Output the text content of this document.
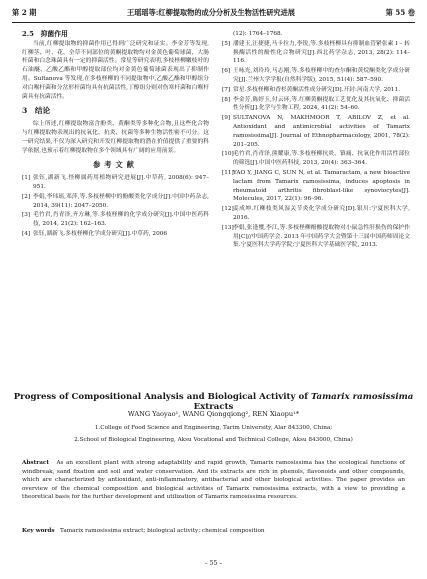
第 2 期	王瑶瑶等:红柳提取物的成分分析及生物活性研究进展	第 55 卷
2.5　抑菌作用

当前,红柳提取物的抑菌作用已得到广泛研究和证实。李金芳等发现,红柳茎、叶、花、全草不同部位的黄酮提取物均对金黄色葡萄球菌、大肠杆菌和白念珠菌具有一定的抑菌活性。常星等研究表明,多枝柽柳嫩枝叶的石油醚、乙酸乙酯和甲醇提取部位均对金黄色葡萄球菌表现出了抑制作用。Sultanova 等发现,在多枝柽柳的不同提取物中,乙酸乙酯和甲醇组分对白喉杆菌和分岔形杆菌均具有抗菌活性,丁醇组分则对伤寒杆菌和白喉杆菌具有抗菌活性。

3　结论

综上所述,红柳提取物富含酚类、黄酮类等多种化合物,且这些化合物与红柳提取物表现出的抗氧化、抗炎、抗菌等多种生物活性密不可分。这一研究结果,不仅为深入研究和开发红柳提取物的潜在价值提供了重要的科学依据,也预示着红柳提取物在多个领域具有广阔的应用前景。

参考文献
[1] 张钰,湖新飞.怪柳属药用植物研究进展[J].中草药, 2008(6): 947–951.
[2] 李娟,李玮瑶,邓萍,等.多枝柽柳中的酚酸类化学成分[J].中国中药杂志, 2014, 39(11): 2047–2050.
[3] 毛竹君,肖青泽,齐方琳,等.多枝柽柳的化学成分研究[J].中国中医药科技, 2014, 21(2): 162–163.
[4] 张钰,湖新飞.多枝柽柳化学成分研究[J].中草药, 2006
(12): 1764–1768.
[5] 潘建玉,汪捷捷,马卡拉力,李锐,等.多枝柽柳具有抑制血管紧张素 I – 转换酶活性的酚性化合物研究[J].西北药学杂志, 2013, 28(2): 114–116.
[6] 王咏光,刘玲玲,马志刚,等.多枝柽柳中的查尔酮和黄烷酮类化学成分研究[J].兰州大学学报(自然科学版), 2015, 51(4): 587–590.
[7] 常星.多枝柽柳和香杉黄酮活性成分研究[D].开封:河南大学, 2011.
[8] 李金芳,陈婷玉,付云环,等.红柳黄酮提取工艺优化及其抗氧化、抑菌活性分析[J].化学与生物工程, 2024, 41(2): 54–60.
[9] SULTANOVA N, MAKHMOOR T, ABILOV Z, et al. Antioxidant and antimicrobial activities of Tamarix ramosissima[J]. Journal of Ethnopharmacology, 2001, 78(2): 201–205.
[10] 毛竹君,肖青泽,熊耀康,等.多枝柽柳抗炎、镇痛、抗氧化作用活性部位的筛选[J].中国中医药科技, 2013, 20(4): 363–364.
[11] YAO Y, JIANG C, SUN N, et al. Tamaractam, a new bioactive lactam from Tamarix ramosissima, induces apoptosis in rheumatoid arthritis fibroblast-like synoviocytes[J]. Molecules, 2017, 22(1): 96–96.
[12] 姜成坤.红柳枝类风湿关节炎化学成分研究[D].银川:宁夏医科大学, 2016.
[13] 李娟,张逢璽,李江,等.多枝柽柳酚酸提取物对小鼠急性肝损伤的保护作用[C]//中国药学会. 2013 年中国药学大会暨第十三届中国药师周论文集.宁夏医科大学药学院;宁夏医科大学基础医学院, 2013.
Progress of Compositional Analysis and Biological Activity of Tamarix ramosissima Extracts
WANG Yaoyao¹, WANG Qiongqiong², REN Xiaopu¹*
1.College of Food Science and Engineering, Tarim University, Alar 843300, China;
2.School of Biological Engineering, Aksu Vocational and Technical College, Aksu 843000, China)
Abstract As an excellent plant with strong adaptability and rapid growth, Tamarix ramosissima has the ecological functions of windbreak, sand fixation and soil and water conservation. And its extracts are rich in phenols, flavonoids and other compounds, which are characterized by antioxidant, anti-inflammatory, antibacterial and other biological activities. The paper provides an overview of the chemical composition and biological activities of Tamarix ramosissima extracts, with a view to providing a theoretical basis for the further development and utilization of Tamarix ramosissima resources.
Key words Tamarix ramosissima extract; biological activity; chemical composition
– 55 –
